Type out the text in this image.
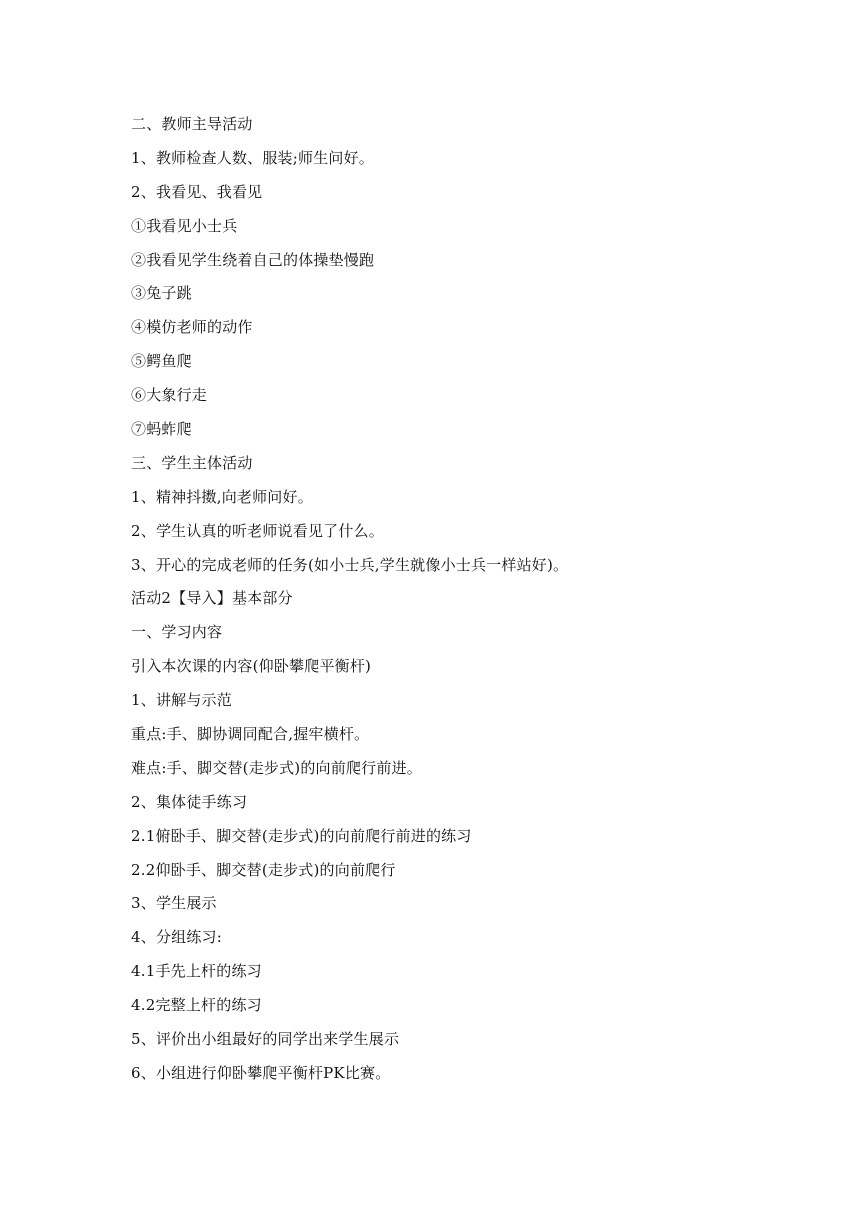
二、教师主导活动
1、教师检查人数、服装;师生问好。
2、我看见、我看见
①我看见小士兵
②我看见学生绕着自己的体操垫慢跑
③兔子跳
④模仿老师的动作
⑤鳄鱼爬
⑥大象行走
⑦蚂蚱爬
三、学生主体活动
1、精神抖擞,向老师问好。
2、学生认真的听老师说看见了什么。
3、开心的完成老师的任务(如小士兵,学生就像小士兵一样站好)。
活动2【导入】基本部分
一、学习内容
引入本次课的内容(仰卧攀爬平衡杆)
1、讲解与示范
重点:手、脚协调同配合,握牢横杆。
难点:手、脚交替(走步式)的向前爬行前进。
2、集体徒手练习
2.1俯卧手、脚交替(走步式)的向前爬行前进的练习
2.2仰卧手、脚交替(走步式)的向前爬行
3、学生展示
4、分组练习:
4.1手先上杆的练习
4.2完整上杆的练习
5、评价出小组最好的同学出来学生展示
6、小组进行仰卧攀爬平衡杆PK比赛。
